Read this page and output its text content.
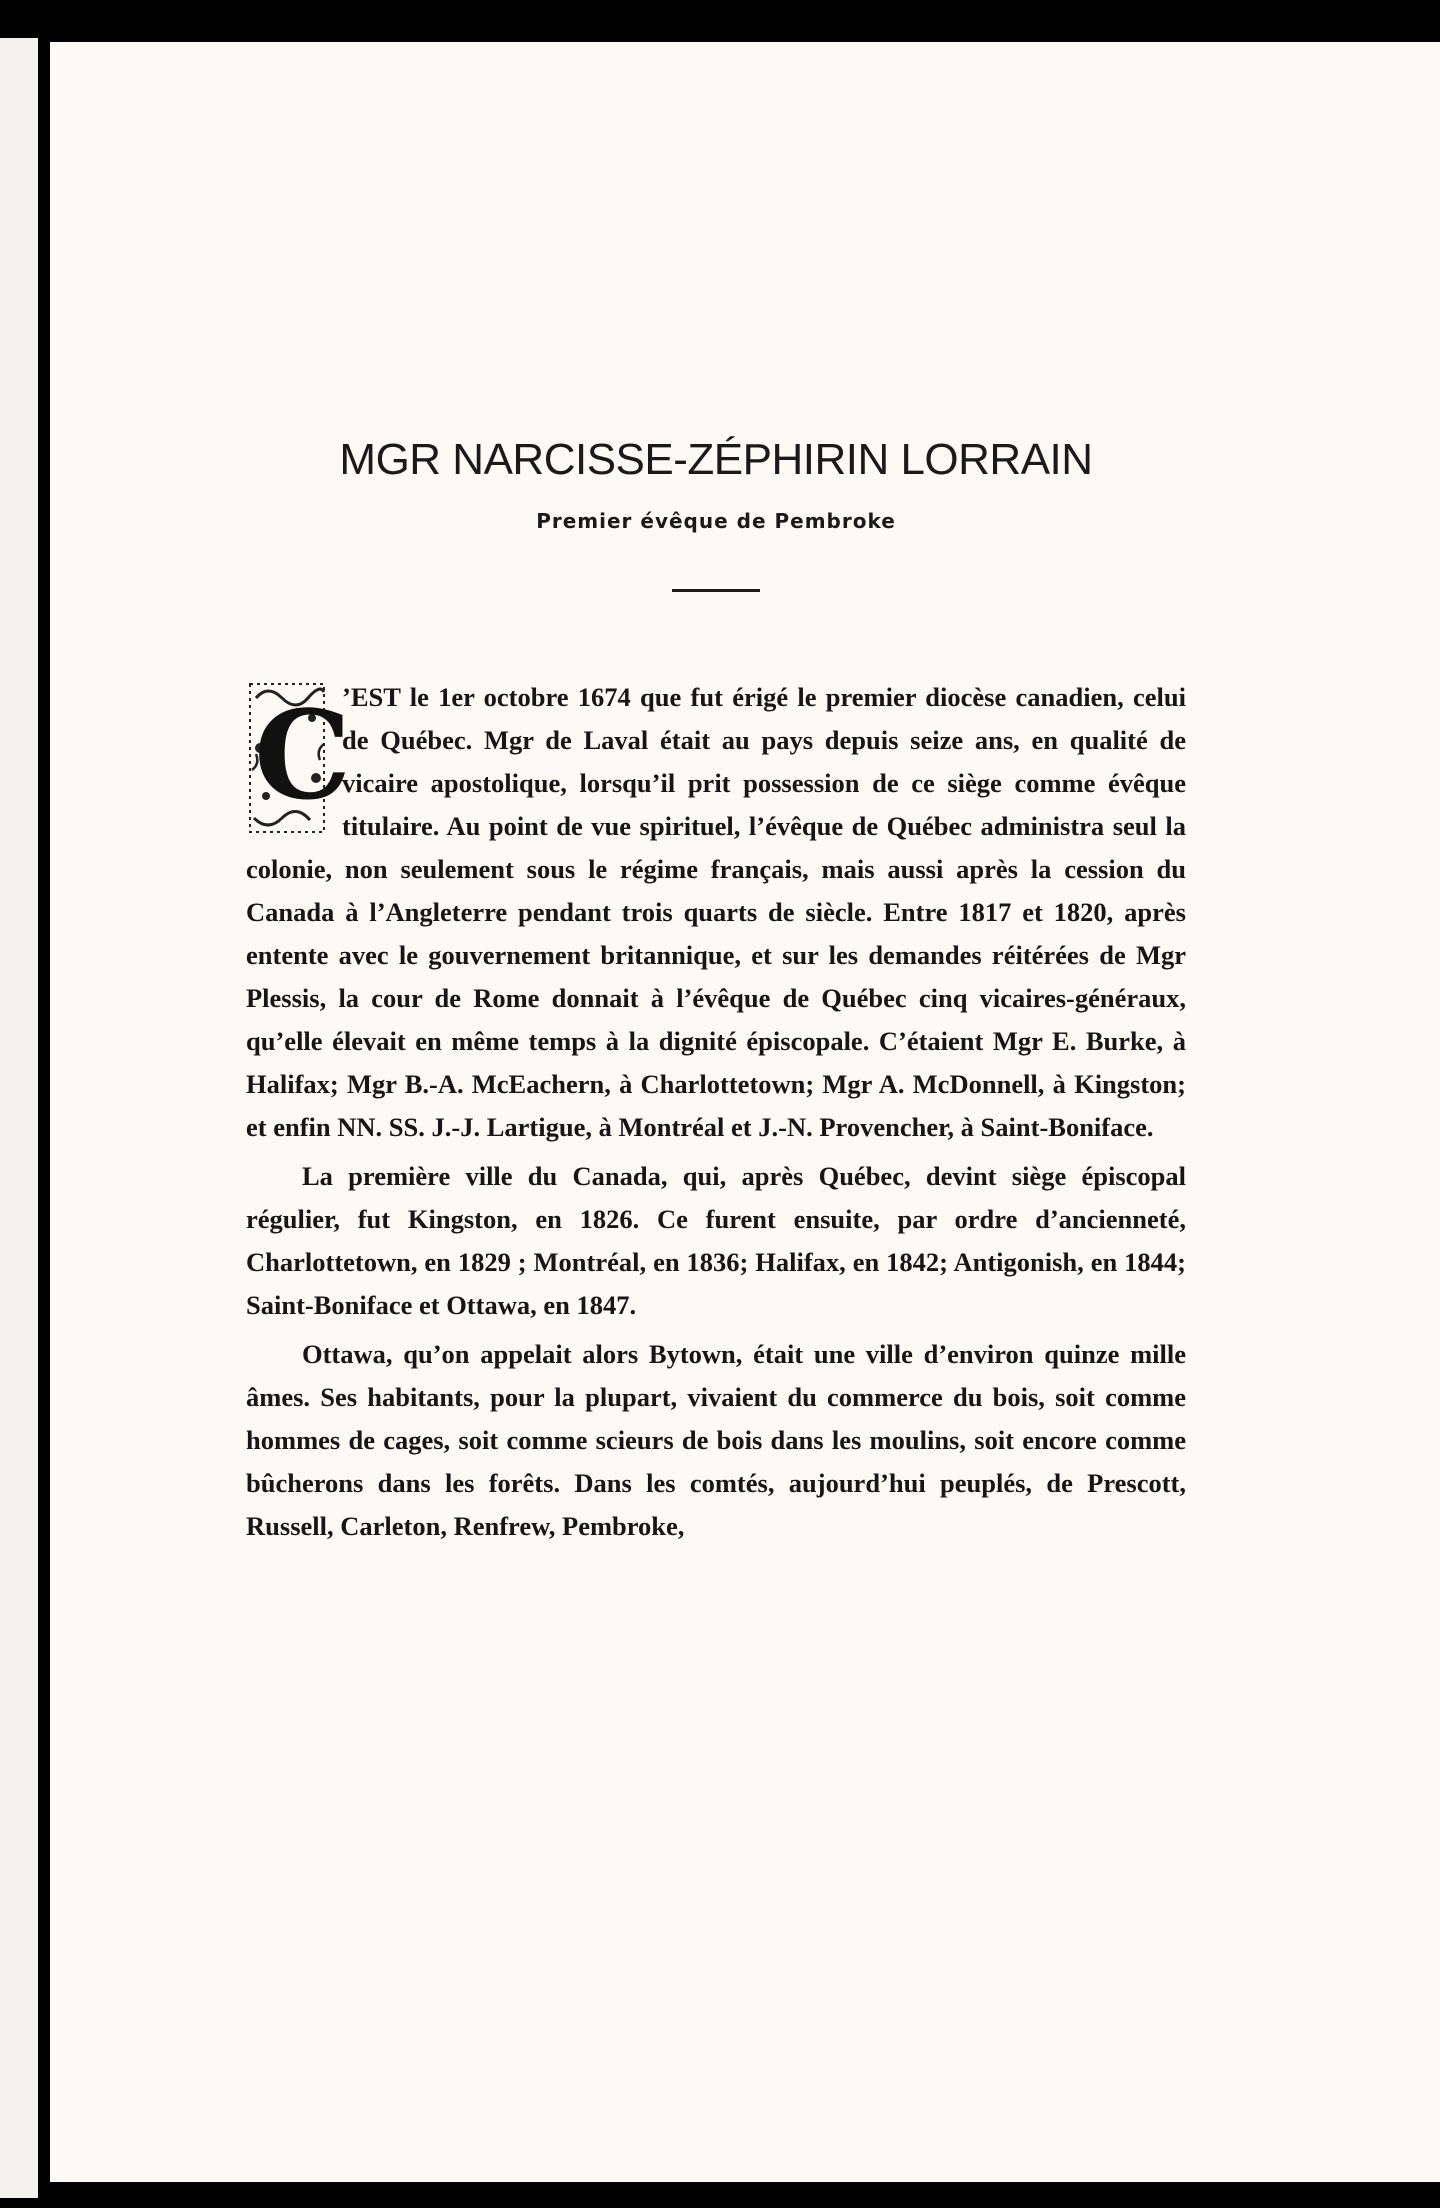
MGR NARCISSE-ZÉPHIRIN LORRAIN
Premier évêque de Pembroke
C

’EST le 1er octobre 1674 que fut érigé le premier diocèse canadien, celui de Québec. Mgr de Laval était au pays depuis seize ans, en qualité de vicaire apostolique, lorsqu’il prit possession de ce siège comme évêque titulaire. Au point de vue spirituel, l’évêque de Québec administra seul la colonie, non seulement sous le régime français, mais aussi après la cession du Canada à l’Angleterre pendant trois quarts de siècle. Entre 1817 et 1820, après entente avec le gouvernement britannique, et sur les demandes réitérées de Mgr Plessis, la cour de Rome donnait à l’évêque de Québec cinq vicaires-généraux, qu’elle élevait en même temps à la dignité épiscopale. C’étaient Mgr E. Burke, à Halifax; Mgr B.-A. McEachern, à Charlottetown; Mgr A. McDonnell, à Kingston; et enfin NN. SS. J.-J. Lartigue, à Montréal et J.-N. Provencher, à Saint-Boniface.

La première ville du Canada, qui, après Québec, devint siège épiscopal régulier, fut Kingston, en 1826. Ce furent ensuite, par ordre d’ancienneté, Charlottetown, en 1829 ; Montréal, en 1836; Halifax, en 1842; Antigonish, en 1844; Saint-Boniface et Ottawa, en 1847.

Ottawa, qu’on appelait alors Bytown, était une ville d’environ quinze mille âmes. Ses habitants, pour la plupart, vivaient du commerce du bois, soit comme hommes de cages, soit comme scieurs de bois dans les moulins, soit encore comme bûcherons dans les forêts. Dans les comtés, aujourd’hui peuplés, de Prescott, Russell, Carleton, Renfrew, Pembroke,
